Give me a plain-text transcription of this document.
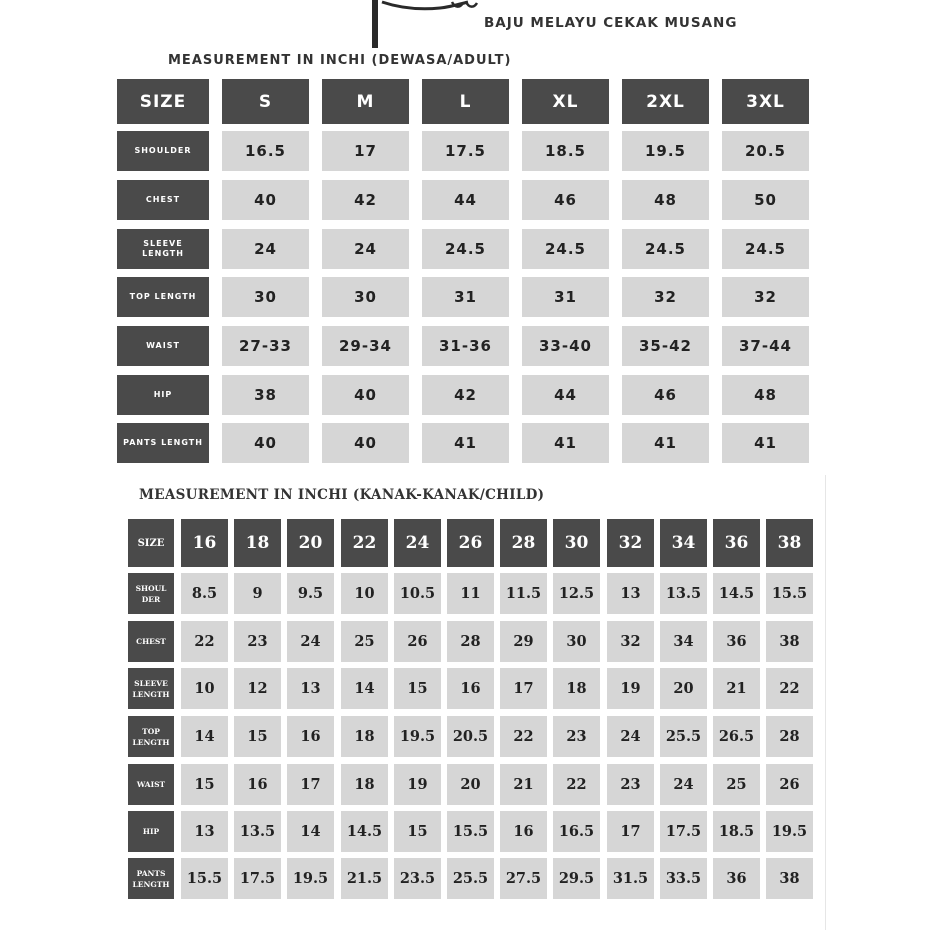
BAJU MELAYU CEKAK MUSANG
MEASUREMENT IN INCHI (DEWASA/ADULT)
SIZE	S	M	L	XL	2XL	3XL
SHOULDER	16.5	17	17.5	18.5	19.5	20.5
CHEST	40	42	44	46	48	50
SLEEVE LENGTH	24	24	24.5	24.5	24.5	24.5
TOP LENGTH	30	30	31	31	32	32
WAIST	27-33	29-34	31-36	33-40	35-42	37-44
HIP	38	40	42	44	46	48
PANTS LENGTH	40	40	41	41	41	41
MEASUREMENT IN INCHI (KANAK-KANAK/CHILD)
SIZE	16	18	20	22	24	26	28	30	32	34	36	38
SHOUL DER	8.5	9	9.5	10	10.5	11	11.5	12.5	13	13.5	14.5	15.5
CHEST	22	23	24	25	26	28	29	30	32	34	36	38
SLEEVE LENGTH	10	12	13	14	15	16	17	18	19	20	21	22
TOP LENGTH	14	15	16	18	19.5	20.5	22	23	24	25.5	26.5	28
WAIST	15	16	17	18	19	20	21	22	23	24	25	26
HIP	13	13.5	14	14.5	15	15.5	16	16.5	17	17.5	18.5	19.5
PANTS LENGTH	15.5	17.5	19.5	21.5	23.5	25.5	27.5	29.5	31.5	33.5	36	38
